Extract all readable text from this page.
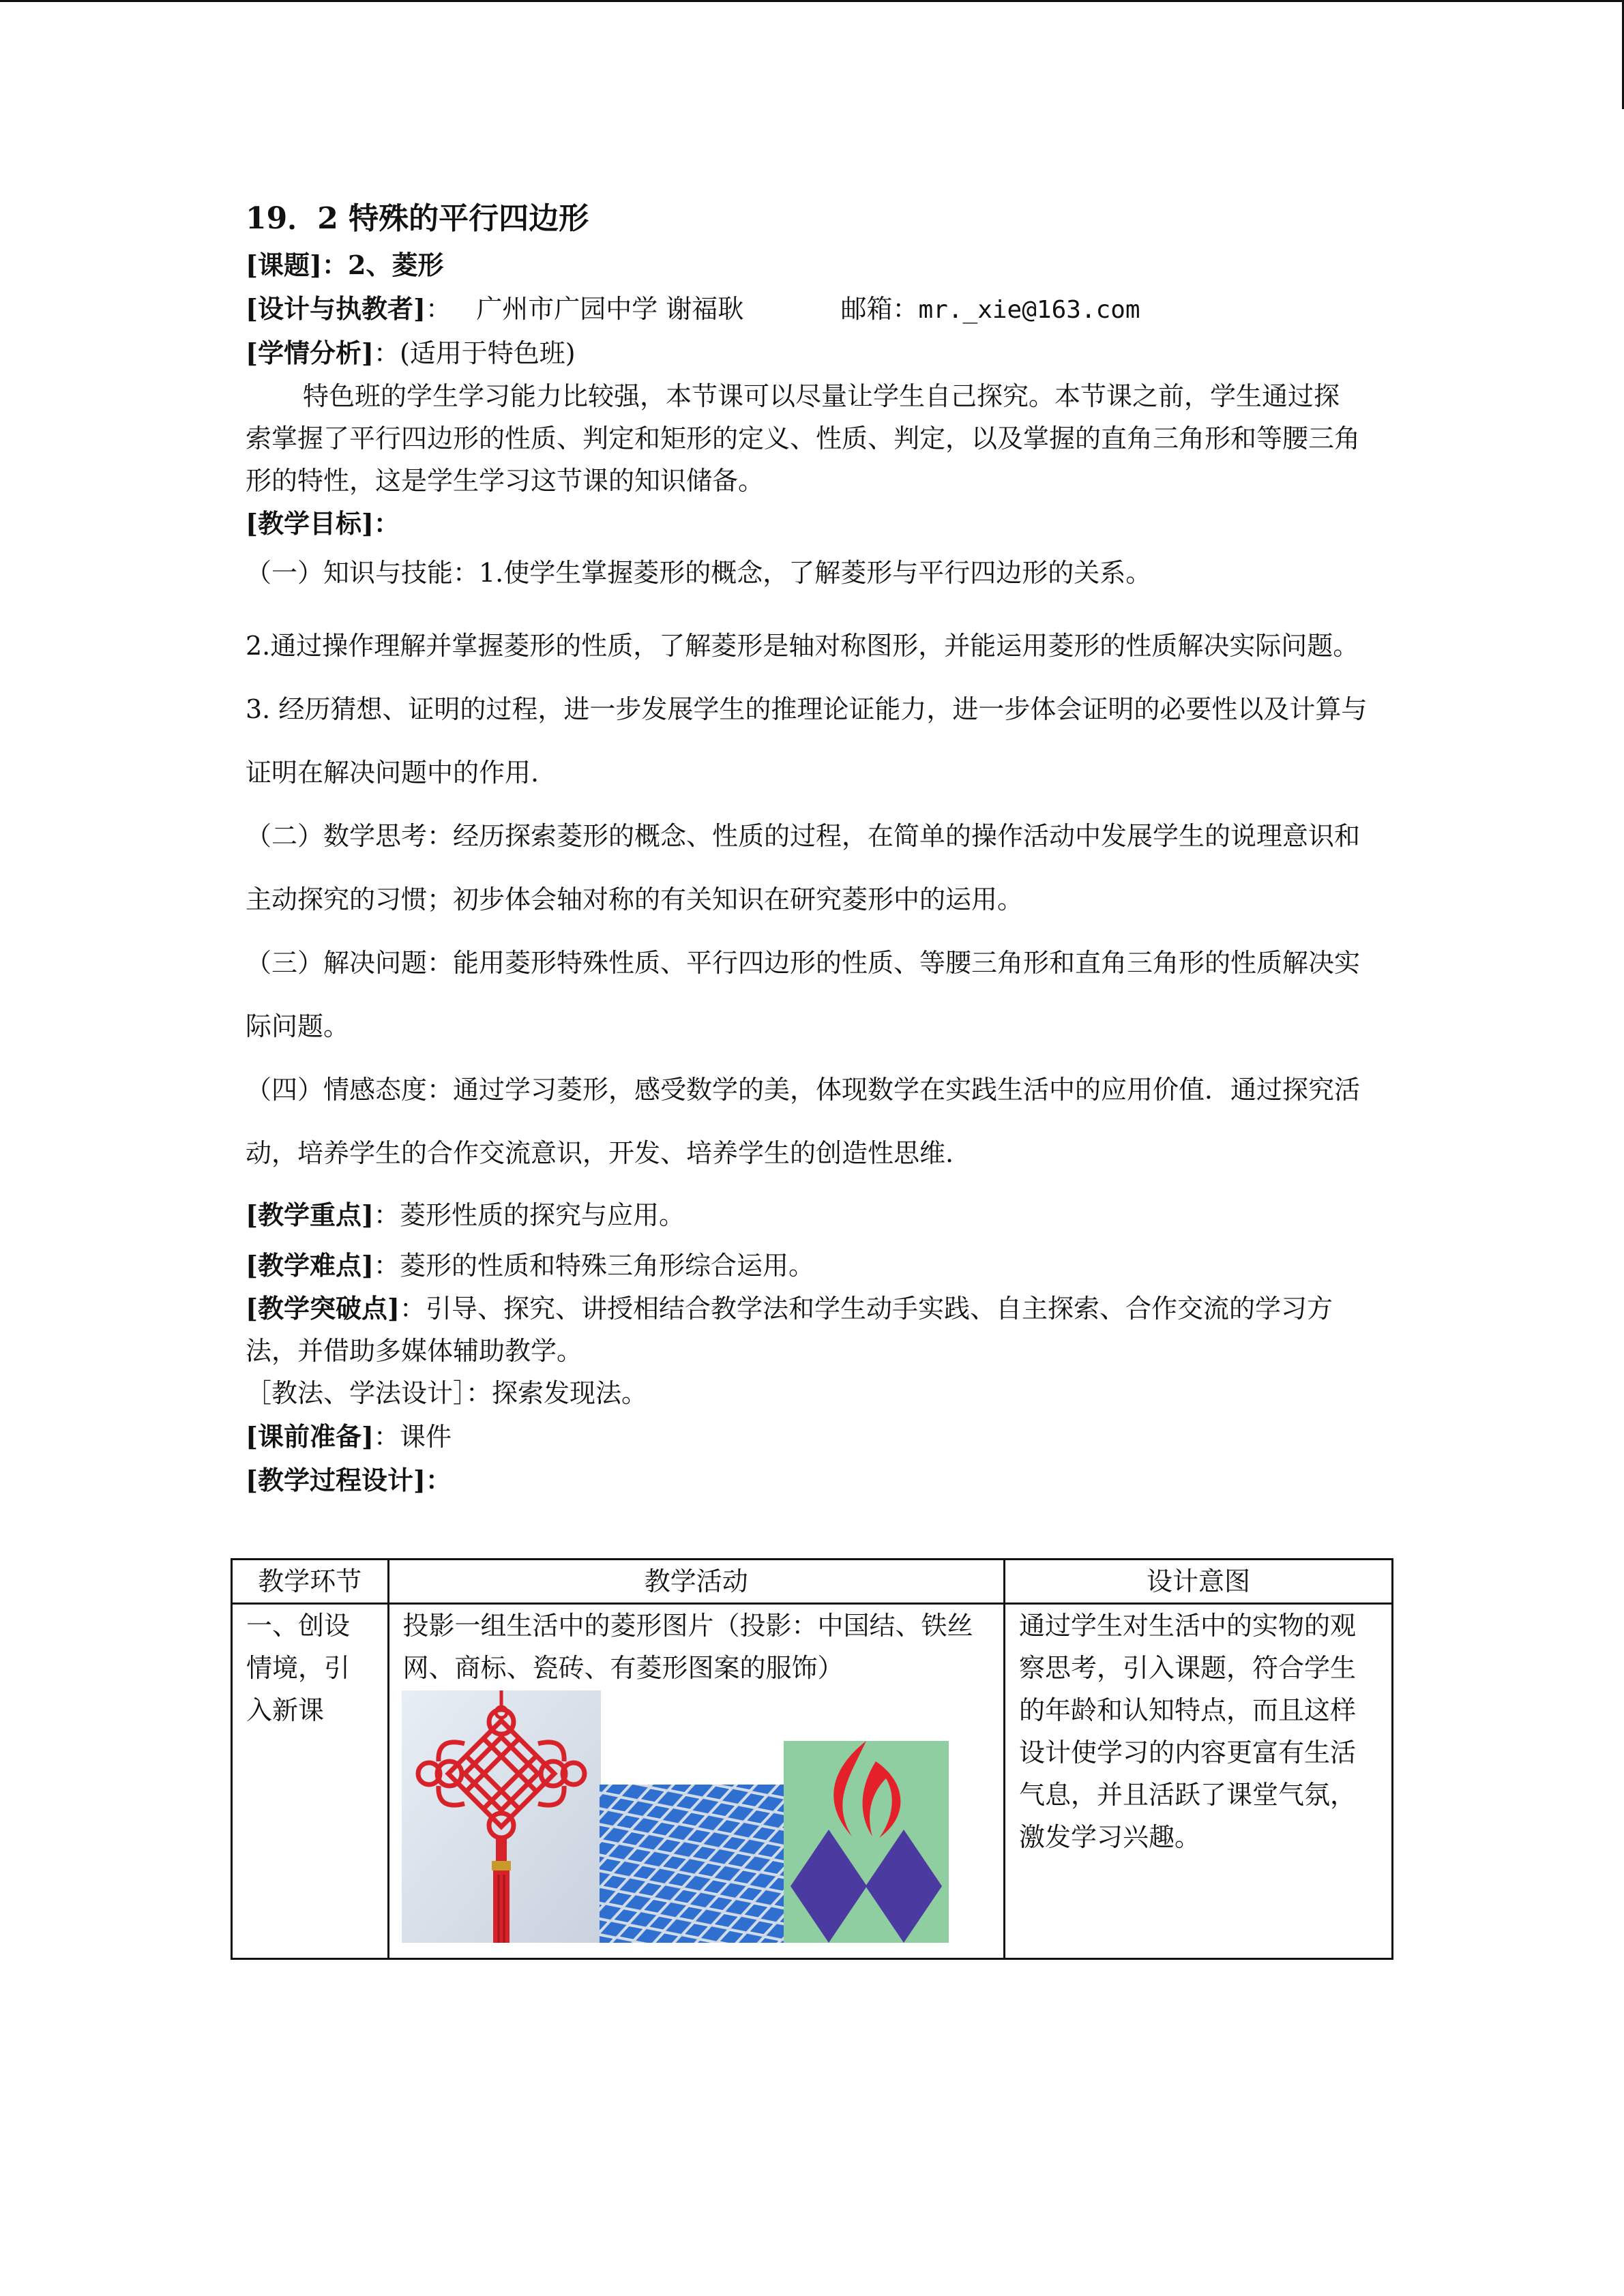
19．2 特殊的平行四边形
[课题]：2、菱形
[设计与执教者]：   广州市广园中学 谢福耿	邮箱：mr._xie@163.com
[学情分析]：(适用于特色班)
特色班的学生学习能力比较强，本节课可以尽量让学生自己探究。本节课之前，学生通过探索掌握了平行四边形的性质、判定和矩形的定义、性质、判定，以及掌握的直角三角形和等腰三角形的特性，这是学生学习这节课的知识储备。
[教学目标]：
（一）知识与技能：1.使学生掌握菱形的概念，了解菱形与平行四边形的关系。
2.通过操作理解并掌握菱形的性质，了解菱形是轴对称图形，并能运用菱形的性质解决实际问题。
3. 经历猜想、证明的过程，进一步发展学生的推理论证能力，进一步体会证明的必要性以及计算与证明在解决问题中的作用.
（二）数学思考：经历探索菱形的概念、性质的过程，在简单的操作活动中发展学生的说理意识和主动探究的习惯；初步体会轴对称的有关知识在研究菱形中的运用。
（三）解决问题：能用菱形特殊性质、平行四边形的性质、等腰三角形和直角三角形的性质解决实际问题。
（四）情感态度：通过学习菱形，感受数学的美，体现数学在实践生活中的应用价值．通过探究活动，培养学生的合作交流意识，开发、培养学生的创造性思维.
[教学重点]：菱形性质的探究与应用。
[教学难点]：菱形的性质和特殊三角形综合运用。
[教学突破点]：引导、探究、讲授相结合教学法和学生动手实践、自主探索、合作交流的学习方法，并借助多媒体辅助教学。
［教法、学法设计］：探索发现法。
[课前准备]：课件
[教学过程设计]：
教学环节	教学活动	设计意图
一、创设情境，引入新课	投影一组生活中的菱形图片（投影：中国结、铁丝网、商标、瓷砖、有菱形图案的服饰）	通过学生对生活中的实物的观察思考，引入课题，符合学生的年龄和认知特点，而且这样设计使学习的内容更富有生活气息，并且活跃了课堂气氛，激发学习兴趣。
